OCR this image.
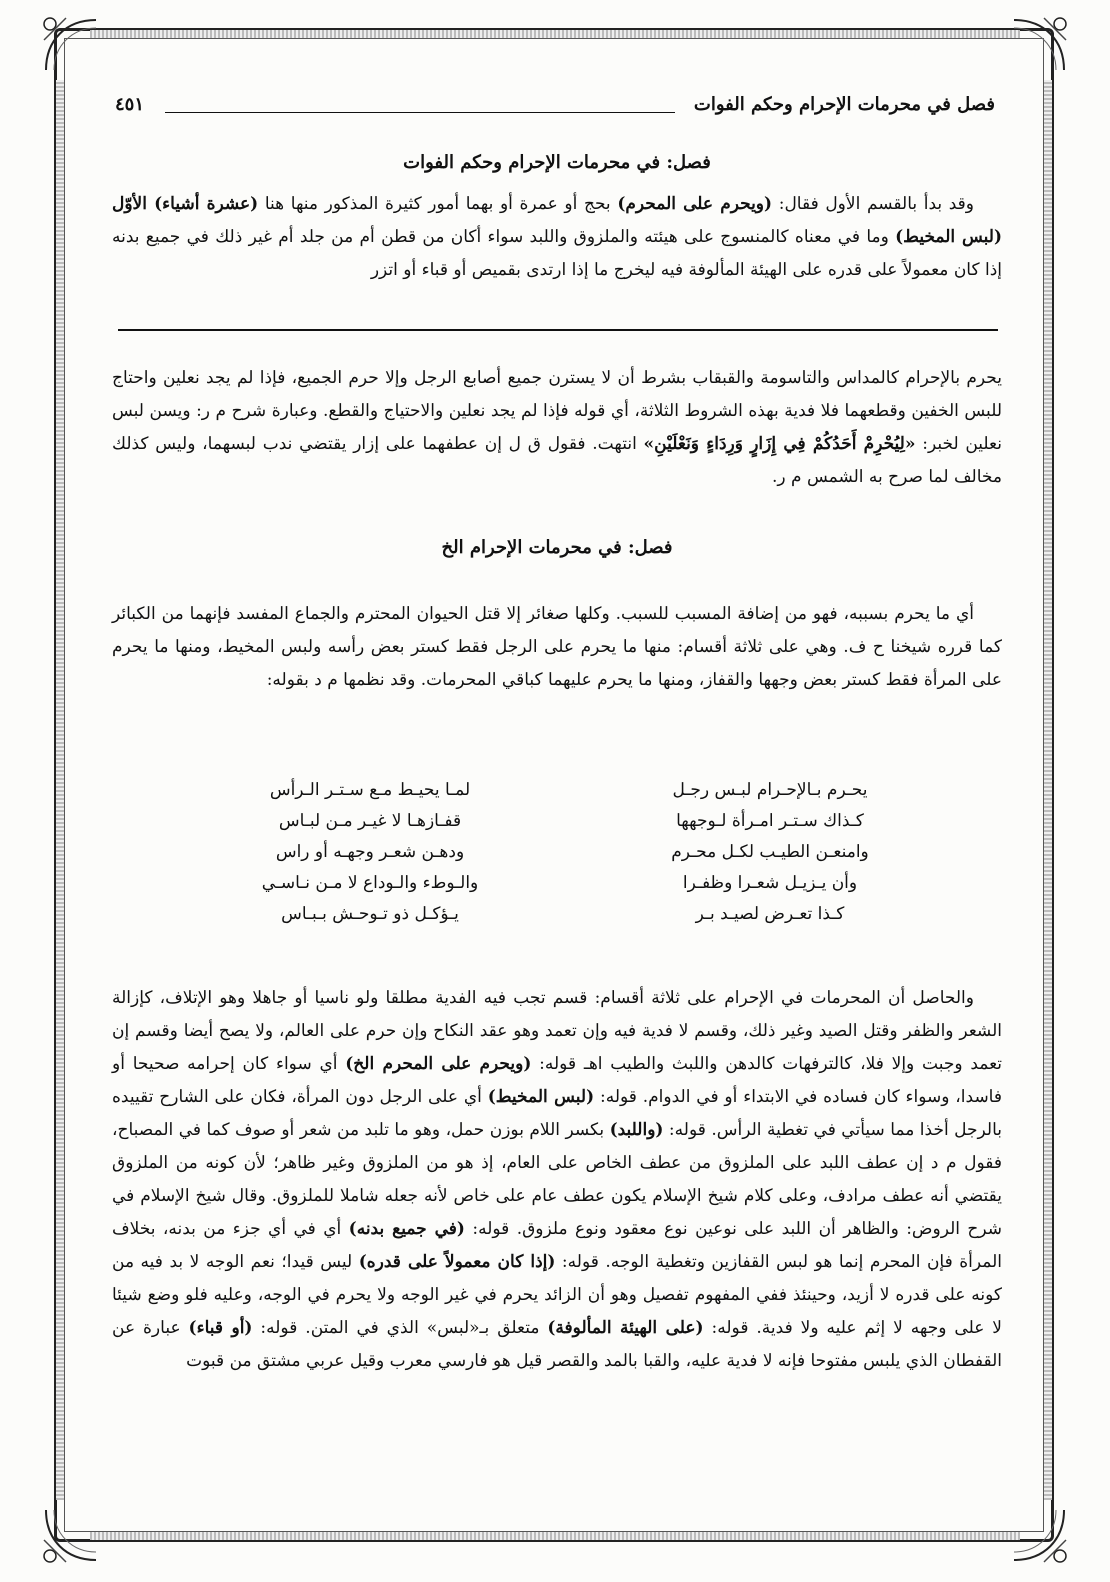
فصل في محرمات الإحرام وحكم الفوات
٤٥١
فصل: في محرمات الإحرام وحكم الفوات
وقد بدأ بالقسم الأول فقال: (ويحرم على المحرم) بحج أو عمرة أو بهما أمور كثيرة المذكور منها هنا (عشرة أشياء) الأوّل (لبس المخيط) وما في معناه كالمنسوج على هيئته والملزوق واللبد سواء أكان من قطن أم من جلد أم غير ذلك في جميع بدنه إذا كان معمولاً على قدره على الهيئة المألوفة فيه ليخرج ما إذا ارتدى بقميص أو قباء أو اتزر
يحرم بالإحرام كالمداس والتاسومة والقبقاب بشرط أن لا يسترن جميع أصابع الرجل وإلا حرم الجميع، فإذا لم يجد نعلين واحتاج للبس الخفين وقطعهما فلا فدية بهذه الشروط الثلاثة، أي قوله فإذا لم يجد نعلين والاحتياج والقطع. وعبارة شرح م ر: ويسن لبس نعلين لخبر: «لِيُحْرِمْ أَحَدُكُمْ فِي إِزَارٍ وَرِدَاءٍ وَنَعْلَيْنِ» انتهت. فقول ق ل إن عطفهما على إزار يقتضي ندب لبسهما، وليس كذلك مخالف لما صرح به الشمس م ر.
فصل: في محرمات الإحرام الخ
أي ما يحرم بسببه، فهو من إضافة المسبب للسبب. وكلها صغائر إلا قتل الحيوان المحترم والجماع المفسد فإنهما من الكبائر كما قرره شيخنا ح ف. وهي على ثلاثة أقسام: منها ما يحرم على الرجل فقط كستر بعض رأسه ولبس المخيط، ومنها ما يحرم على المرأة فقط كستر بعض وجهها والقفاز، ومنها ما يحرم عليهما كباقي المحرمات. وقد نظمها م د بقوله:
يحـرم بـالإحـرام لبـس رجـل
لمـا يحيـط مـع سـتـر الـرأس
كـذاك سـتـر امـرأة لـوجهها
قفـازهـا لا غيـر مـن لبـاس
وامنعـن الطيـب لكـل محـرم
ودهـن شعـر وجهـه أو راس
وأن يـزيـل شعـرا وظفـرا
والـوطء والـوداع لا مـن نـاسـي
كـذا تعـرض لصيـد بـر
يـؤكـل ذو تـوحـش بـبـاس
والحاصل أن المحرمات في الإحرام على ثلاثة أقسام: قسم تجب فيه الفدية مطلقا ولو ناسيا أو جاهلا وهو الإتلاف، كإزالة الشعر والظفر وقتل الصيد وغير ذلك، وقسم لا فدية فيه وإن تعمد وهو عقد النكاح وإن حرم على العالم، ولا يصح أيضا وقسم إن تعمد وجبت وإلا فلا، كالترفهات كالدهن واللبث والطيب اهـ قوله: (ويحرم على المحرم الخ) أي سواء كان إحرامه صحيحا أو فاسدا، وسواء كان فساده في الابتداء أو في الدوام. قوله: (لبس المخيط) أي على الرجل دون المرأة، فكان على الشارح تقييده بالرجل أخذا مما سيأتي في تغطية الرأس. قوله: (واللبد) بكسر اللام بوزن حمل، وهو ما تلبد من شعر أو صوف كما في المصباح، فقول م د إن عطف اللبد على الملزوق من عطف الخاص على العام، إذ هو من الملزوق وغير ظاهر؛ لأن كونه من الملزوق يقتضي أنه عطف مرادف، وعلى كلام شيخ الإسلام يكون عطف عام على خاص لأنه جعله شاملا للملزوق. وقال شيخ الإسلام في شرح الروض: والظاهر أن اللبد على نوعين نوع معقود ونوع ملزوق. قوله: (في جميع بدنه) أي في أي جزء من بدنه، بخلاف المرأة فإن المحرم إنما هو لبس القفازين وتغطية الوجه. قوله: (إذا كان معمولاً على قدره) ليس قيدا؛ نعم الوجه لا بد فيه من كونه على قدره لا أزيد، وحينئذ ففي المفهوم تفصيل وهو أن الزائد يحرم في غير الوجه ولا يحرم في الوجه، وعليه فلو وضع شيئا لا على وجهه لا إثم عليه ولا فدية. قوله: (على الهيئة المألوفة) متعلق بـ«لبس» الذي في المتن. قوله: (أو قباء) عبارة عن القفطان الذي يلبس مفتوحا فإنه لا فدية عليه، والقبا بالمد والقصر قيل هو فارسي معرب وقيل عربي مشتق من قبوت
